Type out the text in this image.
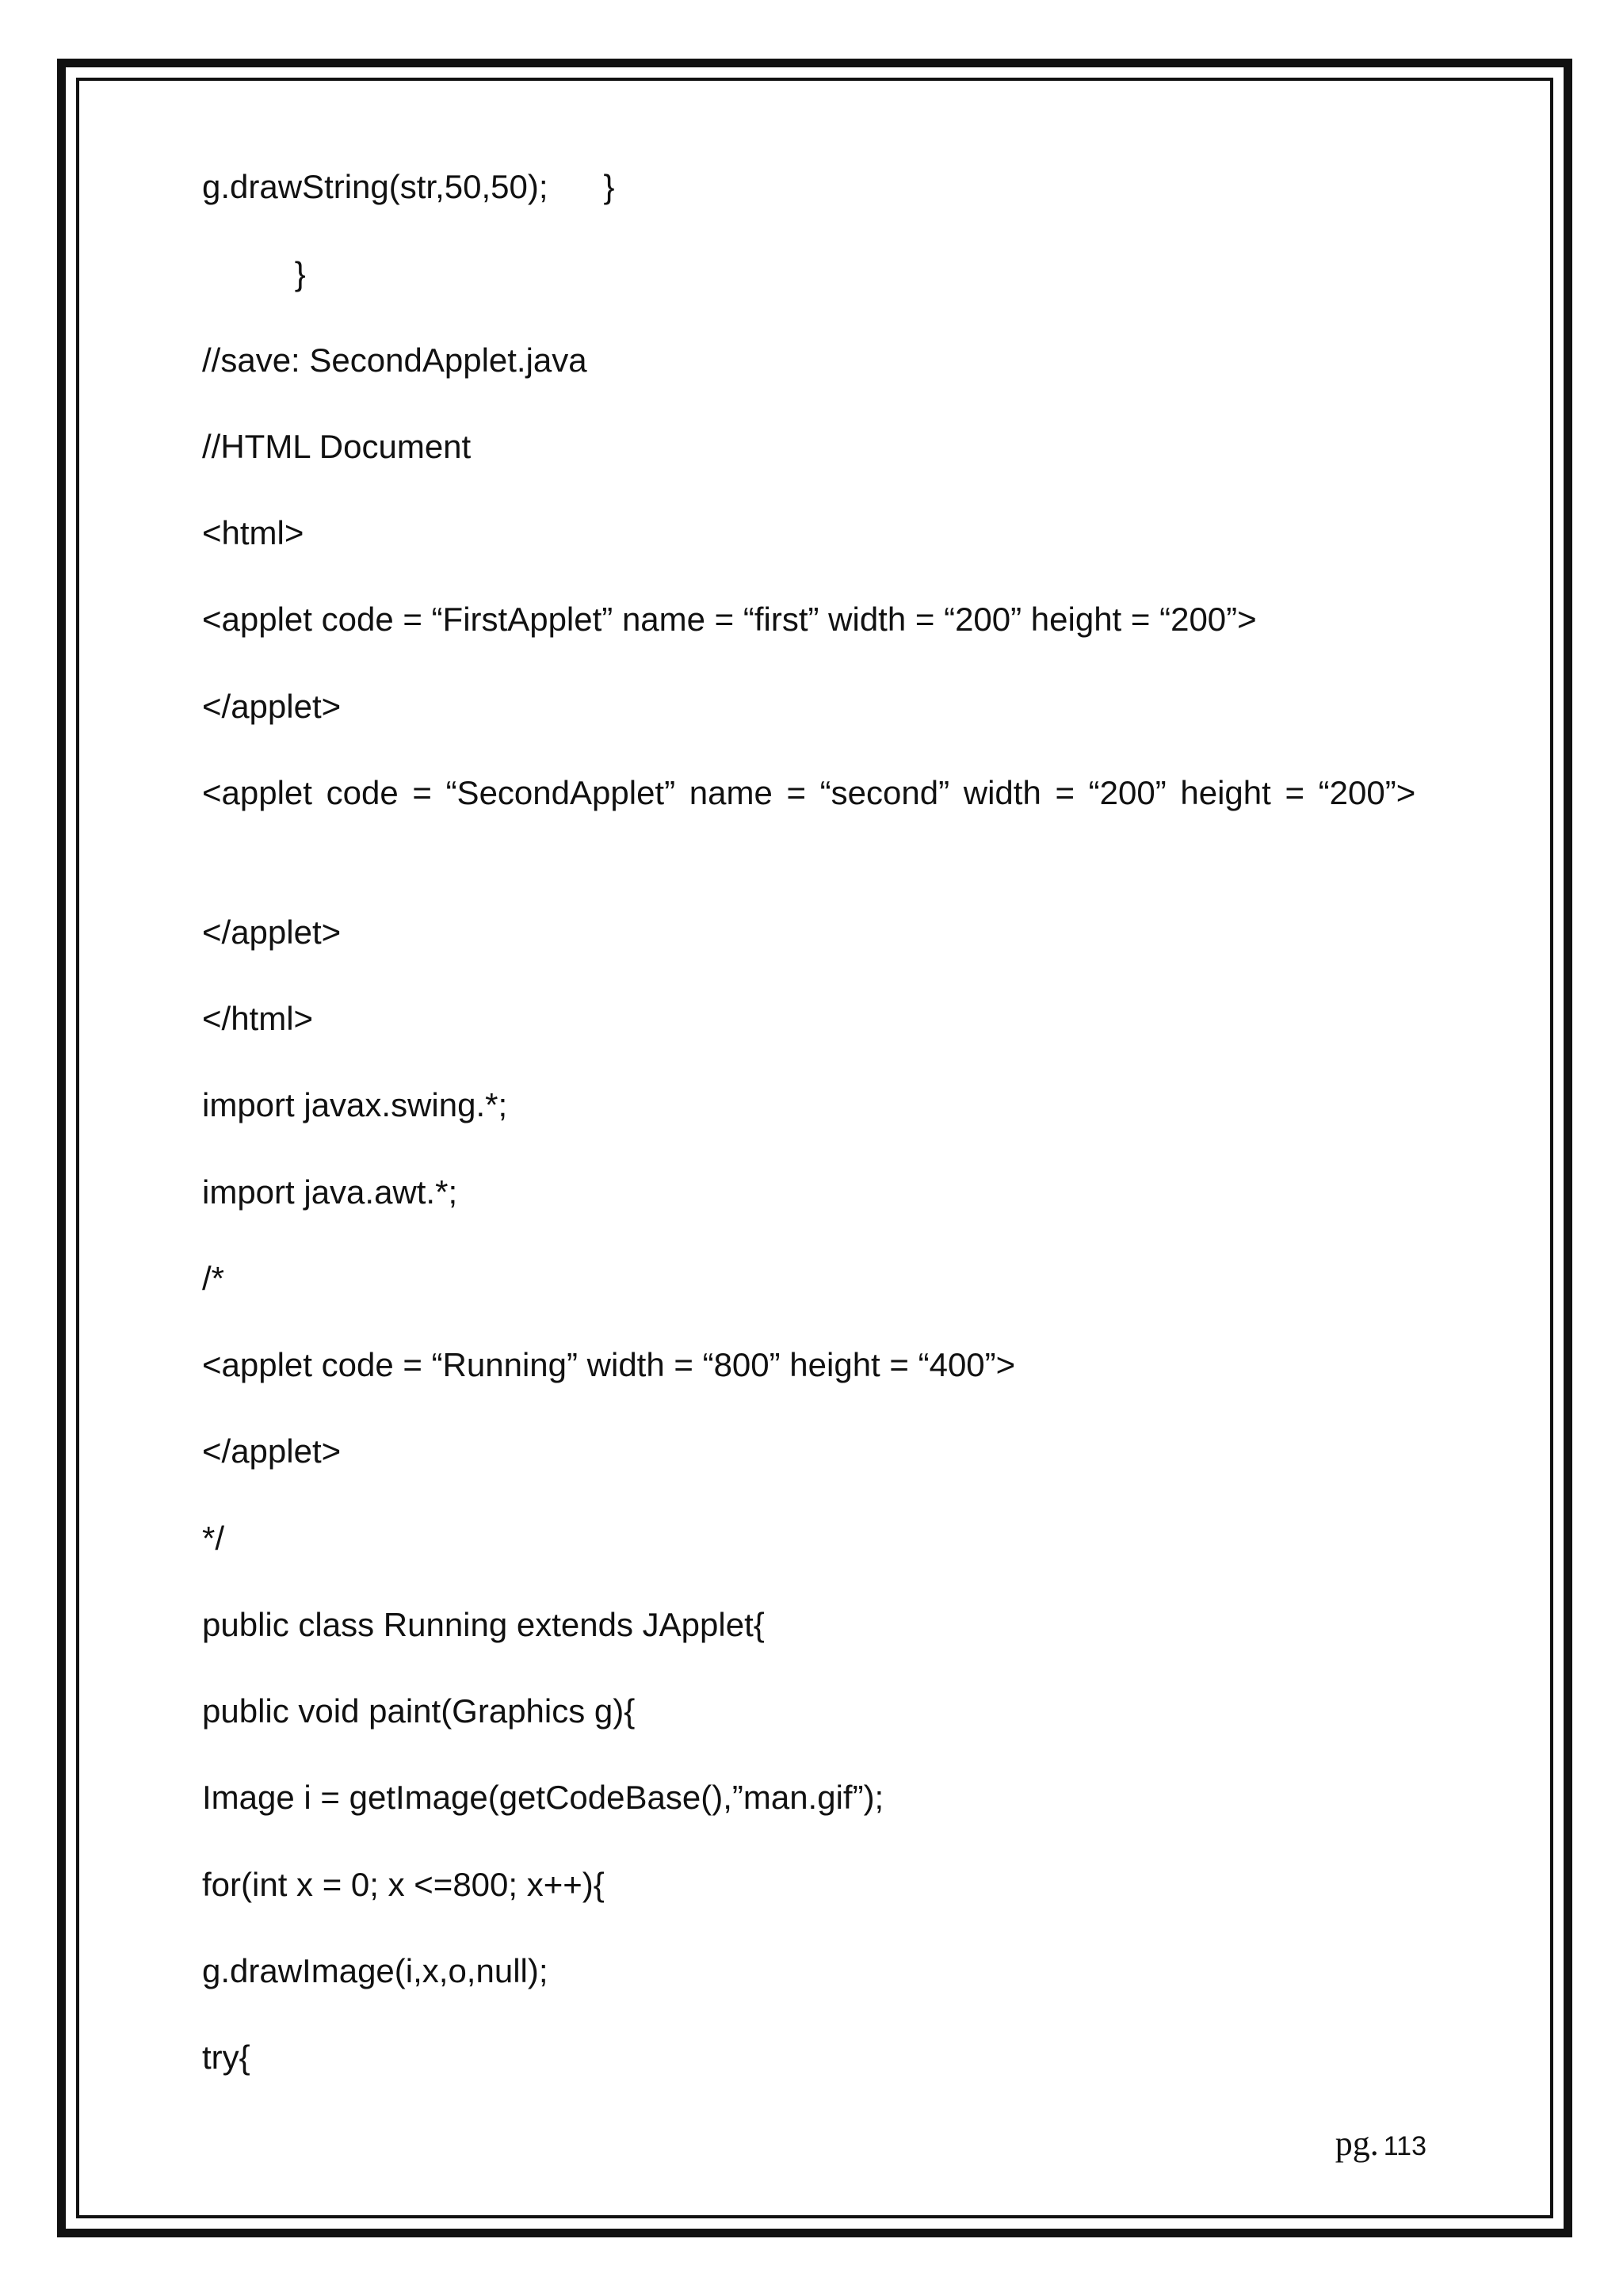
g.drawString(str,50,50);      }
}
//save: SecondApplet.java
//HTML Document
<html>
<applet code = “FirstApplet” name = “first” width = “200” height = “200”>
</applet>
<applet code = “SecondApplet” name = “second” width = “200” height = “200”>
</applet>
</html>
import javax.swing.*;
import java.awt.*;
/*
<applet code = “Running” width = “800” height = “400”>
</applet>
*/
public class Running extends JApplet{
public void paint(Graphics g){
Image i = getImage(getCodeBase(),”man.gif”);
for(int x = 0; x <=800; x++){
g.drawImage(i,x,o,null);
try{
pg. 113
